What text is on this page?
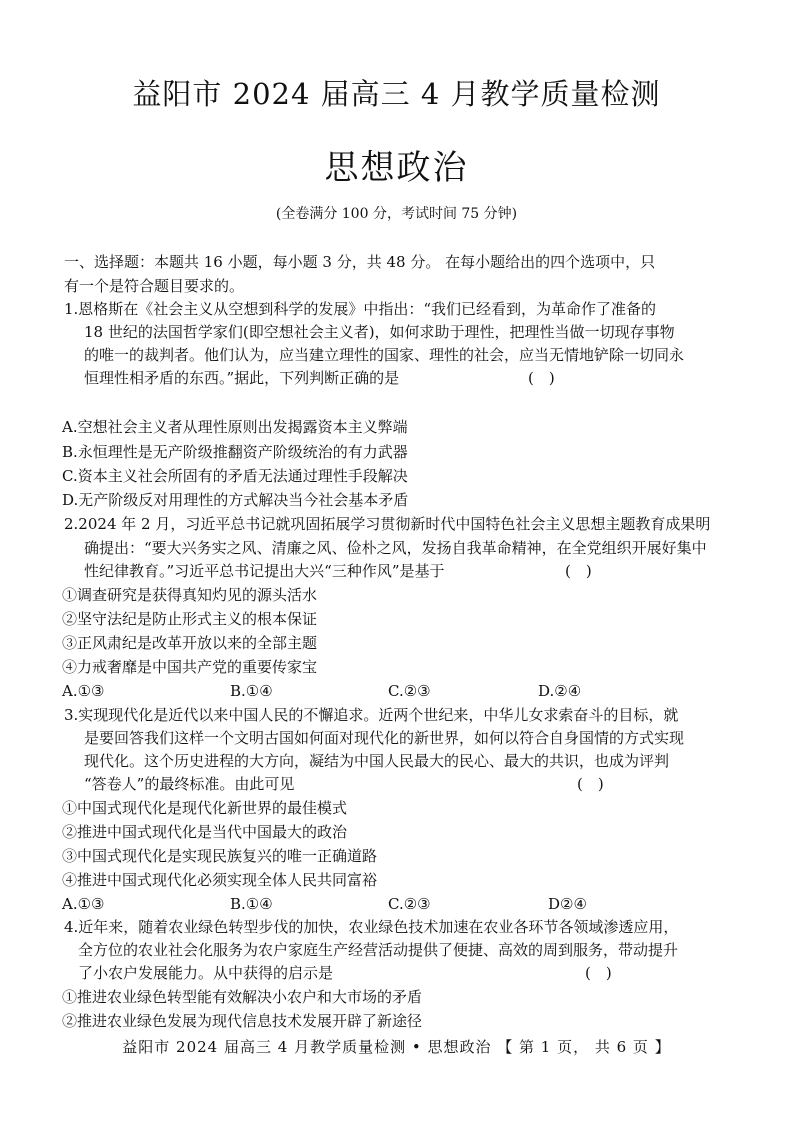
益阳市 2024 届高三 4 月教学质量检测
思想政治
(全卷满分 100 分，考试时间 75 分钟)
一、选择题：本题共 16 小题，每小题 3 分，共 48 分。 在每小题给出的四个选项中，只
有一个是符合题目要求的。
1.恩格斯在《社会主义从空想到科学的发展》中指出：“我们已经看到，为革命作了准备的
18 世纪的法国哲学家们(即空想社会主义者)，如何求助于理性，把理性当做一切现存事物
的唯一的裁判者。他们认为，应当建立理性的国家、理性的社会，应当无情地铲除一切同永
恒理性相矛盾的东西。”据此，下列判断正确的是	(　)
A.空想社会主义者从理性原则出发揭露资本主义弊端
B.永恒理性是无产阶级推翻资产阶级统治的有力武器
C.资本主义社会所固有的矛盾无法通过理性手段解决
D.无产阶级反对用理性的方式解决当今社会基本矛盾
2.2024 年 2 月，习近平总书记就巩固拓展学习贯彻新时代中国特色社会主义思想主题教育成果明
确提出：“要大兴务实之风、清廉之风、俭朴之风，发扬自我革命精神，在全党组织开展好集中
性纪律教育。”习近平总书记提出大兴“三种作风”是基于	(　)
①调查研究是获得真知灼见的源头活水
②坚守法纪是防止形式主义的根本保证
③正风肃纪是改革开放以来的全部主题
④力戒奢靡是中国共产党的重要传家宝
A.①③	B.①④	C.②③	D.②④
3.实现现代化是近代以来中国人民的不懈追求。近两个世纪来，中华儿女求索奋斗的目标，就
是要回答我们这样一个文明古国如何面对现代化的新世界，如何以符合自身国情的方式实现
现代化。这个历史进程的大方向，凝结为中国人民最大的民心、最大的共识，也成为评判
“答卷人”的最终标准。由此可见	(　)
①中国式现代化是现代化新世界的最佳模式
②推进中国式现代化是当代中国最大的政治
③中国式现代化是实现民族复兴的唯一正确道路
④推进中国式现代化必须实现全体人民共同富裕
A.①③	B.①④	C.②③	D②④
4.近年来，随着农业绿色转型步伐的加快，农业绿色技术加速在农业各环节各领域渗透应用，
全方位的农业社会化服务为农户家庭生产经营活动提供了便捷、高效的周到服务，带动提升
了小农户发展能力。从中获得的启示是	(　)
①推进农业绿色转型能有效解决小农户和大市场的矛盾
②推进农业绿色发展为现代信息技术发展开辟了新途径
益阳市 2024 届高三 4 月教学质量检测 • 思想政治 【 第 1 页， 共 6 页 】
